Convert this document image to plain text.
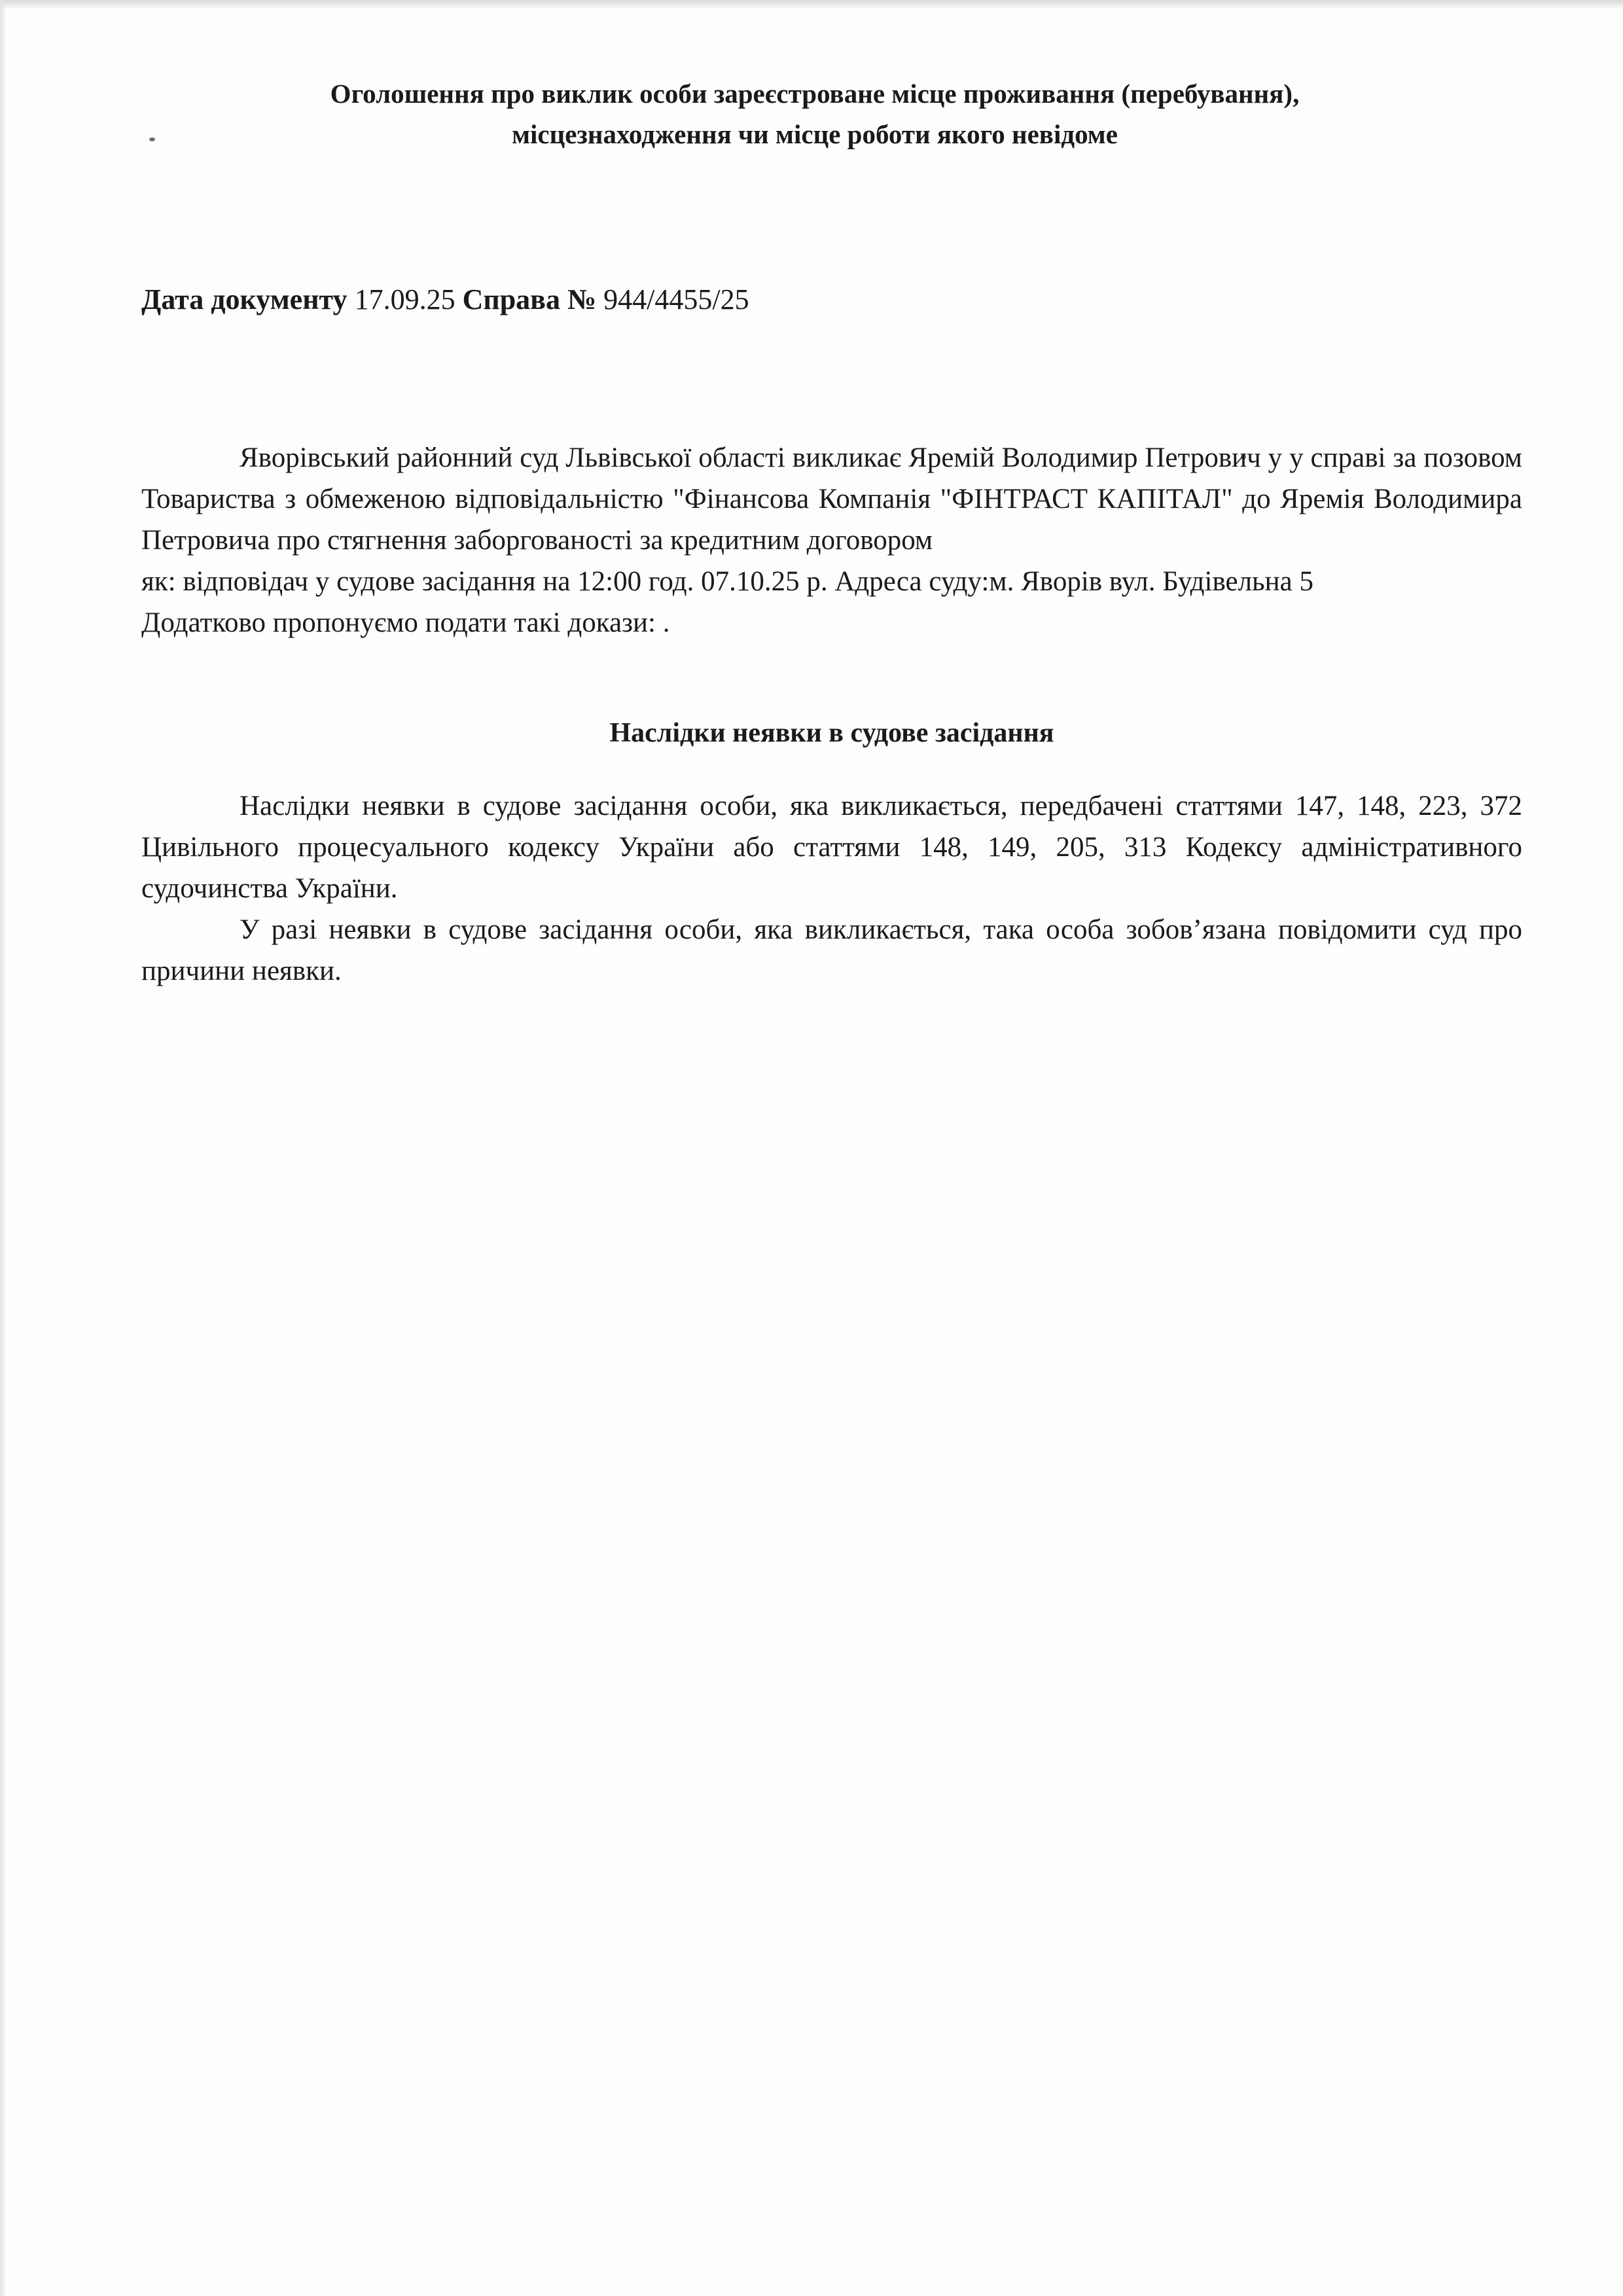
Оголошення про виклик особи зареєстроване місце проживання (перебування),
місцезнаходження чи місце роботи якого невідоме
Дата документу 17.09.25 Справа № 944/4455/25

Яворівський районний суд Львівської області викликає Яремій Володимир Петрович у у справі за позовом Товариства з обмеженою відповідальністю "Фінансова Компанія "ФІНТРАСТ КАПІТАЛ" до Яремія Володимира Петровича про стягнення заборгованості за кредитним договором

як: відповідач у судове засідання на 12:00 год. 07.10.25 р. Адреса суду:м. Яворів вул. Будівельна 5

Додатково пропонуємо подати такі докази: .

Наслідки неявки в судове засідання

Наслідки неявки в судове засідання особи, яка викликається, передбачені статтями 147, 148, 223, 372 Цивільного процесуального кодексу України або статтями 148, 149, 205, 313 Кодексу адміністративного судочинства України.

У разі неявки в судове засідання особи, яка викликається, така особа зобов’язана повідомити суд про причини неявки.
